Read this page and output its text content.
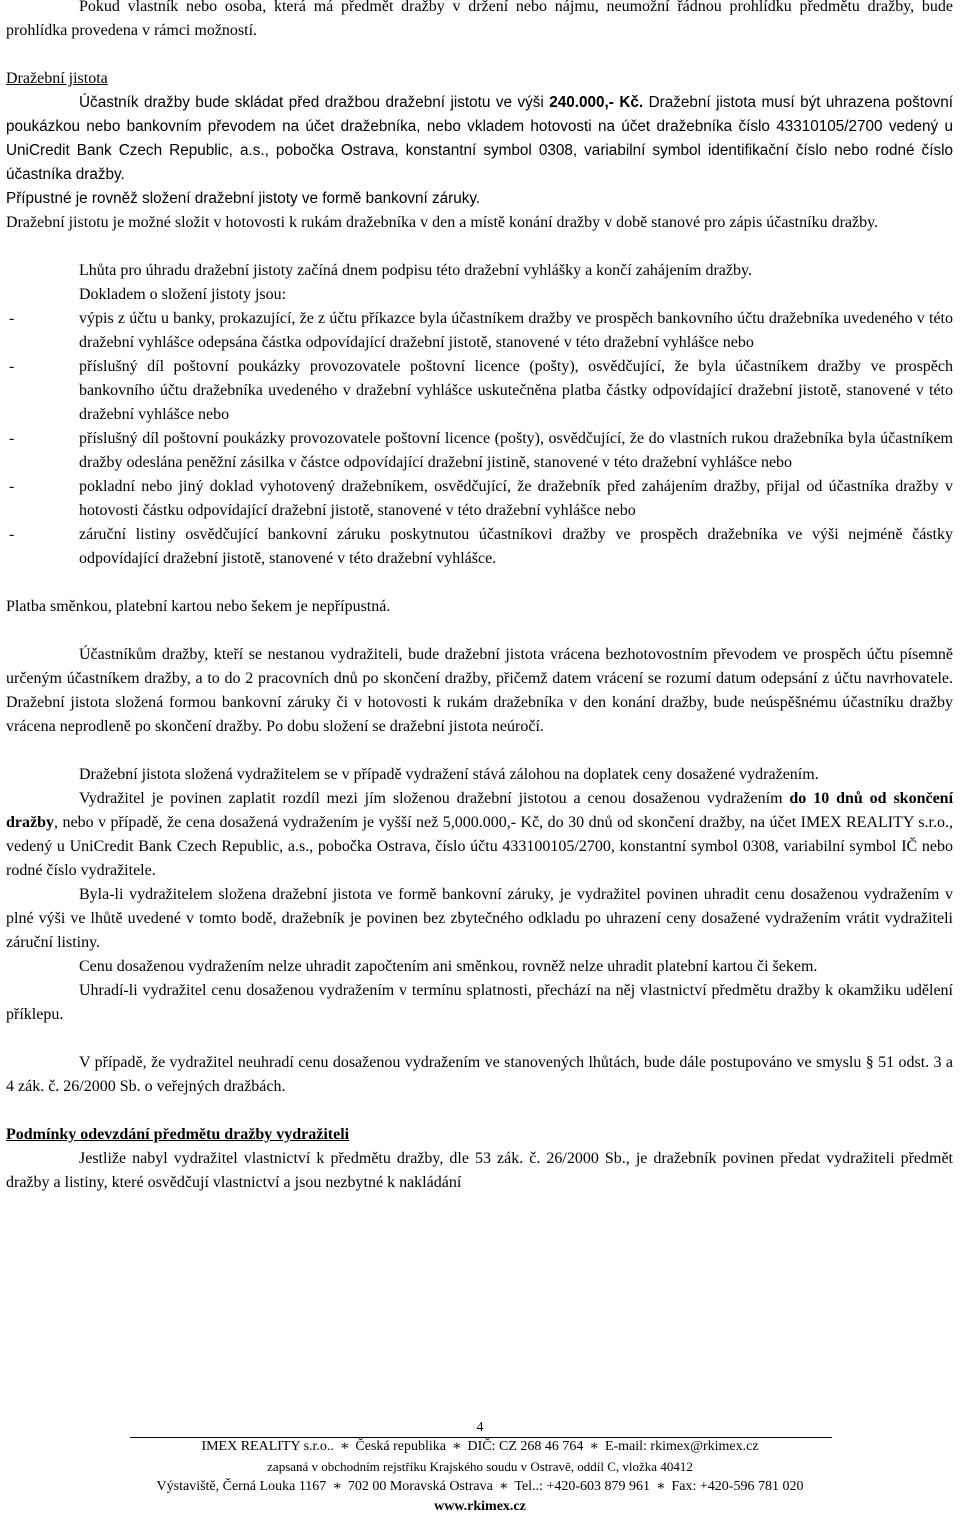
Pokud vlastník nebo osoba, která má předmět dražby v držení nebo nájmu, neumožní řádnou prohlídku předmětu dražby, bude prohlídka provedena v rámci možností.

Dražební jistota

Účastník dražby bude skládat před dražbou dražební jistotu ve výši 240.000,- Kč. Dražební jistota musí být uhrazena poštovní poukázkou nebo bankovním převodem na účet dražebníka, nebo vkladem hotovosti na účet dražebníka číslo 43310105/2700 vedený u UniCredit Bank Czech Republic, a.s., pobočka Ostrava, konstantní symbol 0308, variabilní symbol identifikační číslo nebo rodné číslo účastníka dražby.

Přípustné je rovněž složení dražební jistoty ve formě bankovní záruky.

Dražební jistotu je možné složit v hotovosti k rukám dražebníka v den a místě konání dražby v době stanové pro zápis účastníku dražby.

Lhůta pro úhradu dražební jistoty začíná dnem podpisu této dražební vyhlášky a končí zahájením dražby.

Dokladem o složení jistoty jsou:

-	výpis z účtu u banky, prokazující, že z účtu příkazce byla účastníkem dražby ve prospěch bankovního účtu dražebníka uvedeného v této dražební vyhlášce odepsána částka odpovídající dražební jistotě, stanovené v této dražební vyhlášce nebo
-	příslušný díl poštovní poukázky provozovatele poštovní licence (pošty), osvědčující, že byla účastníkem dražby ve prospěch bankovního účtu dražebníka uvedeného v dražební vyhlášce uskutečněna platba částky odpovídající dražební jistotě, stanovené v této dražební vyhlášce nebo
-	příslušný díl poštovní poukázky provozovatele poštovní licence (pošty), osvědčující, že do vlastních rukou dražebníka byla účastníkem dražby odeslána peněžní zásilka v částce odpovídající dražební jistině, stanovené v této dražební vyhlášce nebo
-	pokladní nebo jiný doklad vyhotovený dražebníkem, osvědčující, že dražebník před zahájením dražby, přijal od účastníka dražby v hotovosti částku odpovídající dražební jistotě, stanovené v této dražební vyhlášce nebo
-	záruční listiny osvědčující bankovní záruku poskytnutou účastníkovi dražby ve prospěch dražebníka ve výši nejméně částky odpovídající dražební jistotě, stanovené v této dražební vyhlášce.

Platba směnkou, platební kartou nebo šekem je nepřípustná.

Účastníkům dražby, kteří se nestanou vydražiteli, bude dražební jistota vrácena bezhotovostním převodem ve prospěch účtu písemně určeným účastníkem dražby, a to do 2 pracovních dnů po skončení dražby, přičemž datem vrácení se rozumí datum odepsání z účtu navrhovatele. Dražební jistota složená formou bankovní záruky či v hotovosti k rukám dražebníka v den konání dražby, bude neúspěšnému účastníku dražby vrácena neprodleně po skončení dražby. Po dobu složení se dražební jistota neúročí.

Dražební jistota složená vydražitelem se v případě vydražení stává zálohou na doplatek ceny dosažené vydražením.

Vydražitel je povinen zaplatit rozdíl mezi jím složenou dražební jistotou a cenou dosaženou vydražením do 10 dnů od skončení dražby, nebo v případě, že cena dosažená vydražením je vyšší než 5,000.000,- Kč, do 30 dnů od skončení dražby, na účet IMEX REALITY s.r.o., vedený u UniCredit Bank Czech Republic, a.s., pobočka Ostrava, číslo účtu 433100105/2700, konstantní symbol 0308, variabilní symbol IČ nebo rodné číslo vydražitele.

Byla-li vydražitelem složena dražební jistota ve formě bankovní záruky, je vydražitel povinen uhradit cenu dosaženou vydražením v plné výši ve lhůtě uvedené v tomto bodě, dražebník je povinen bez zbytečného odkladu po uhrazení ceny dosažené vydražením vrátit vydražiteli záruční listiny.

Cenu dosaženou vydražením nelze uhradit započtením ani směnkou, rovněž nelze uhradit platební kartou či šekem.

Uhradí-li vydražitel cenu dosaženou vydražením v termínu splatnosti, přechází na něj vlastnictví předmětu dražby k okamžiku udělení příklepu.

V případě, že vydražitel neuhradí cenu dosaženou vydražením ve stanovených lhůtách, bude dále postupováno ve smyslu § 51 odst. 3 a 4 zák. č. 26/2000 Sb. o veřejných dražbách.

Podmínky odevzdání předmětu dražby vydražiteli

Jestliže nabyl vydražitel vlastnictví k předmětu dražby, dle 53 zák. č. 26/2000 Sb., je dražebník povinen předat vydražiteli předmět dražby a listiny, které osvědčují vlastnictví a jsou nezbytné k nakládání

4
IMEX REALITY s.r.o.. ∗ Česká republika ∗ DIČ: CZ 268 46 764 ∗ E-mail: rkimex@rkimex.cz
zapsaná v obchodním rejstříku Krajského soudu v Ostravě, oddíl C, vložka 40412
Výstaviště, Černá Louka 1167 ∗ 702 00 Moravská Ostrava ∗ Tel..: +420-603 879 961 ∗ Fax: +420-596 781 020
www.rkimex.cz
